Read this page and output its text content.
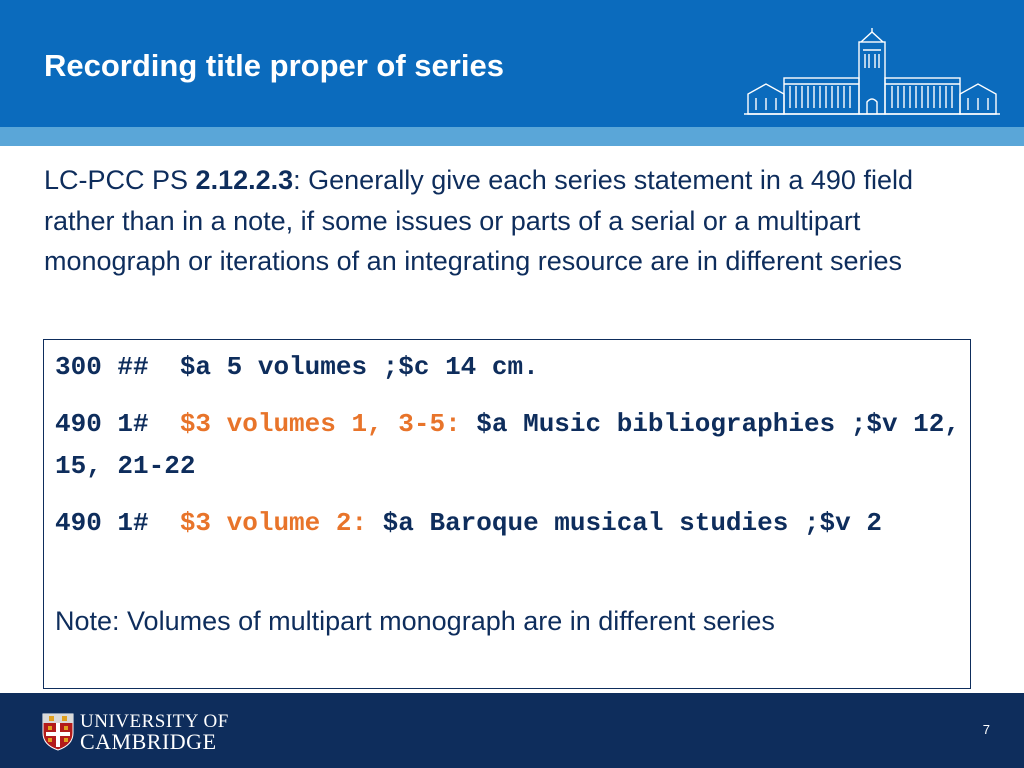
Recording title proper of series
LC-PCC PS 2.12.2.3: Generally give each series statement in a 490 field rather than in a note, if some issues or parts of a serial or a multipart monograph or iterations of an integrating resource are in different series
300 ##  $a 5 volumes ;$c 14 cm.
490 1#  $3 volumes 1, 3-5: $a Music bibliographies ;$v 12, 15, 21-22
490 1#  $3 volume 2: $a Baroque musical studies ;$v 2
Note: Volumes of multipart monograph are in different series
UNIVERSITY OF
CAMBRIDGE	7
